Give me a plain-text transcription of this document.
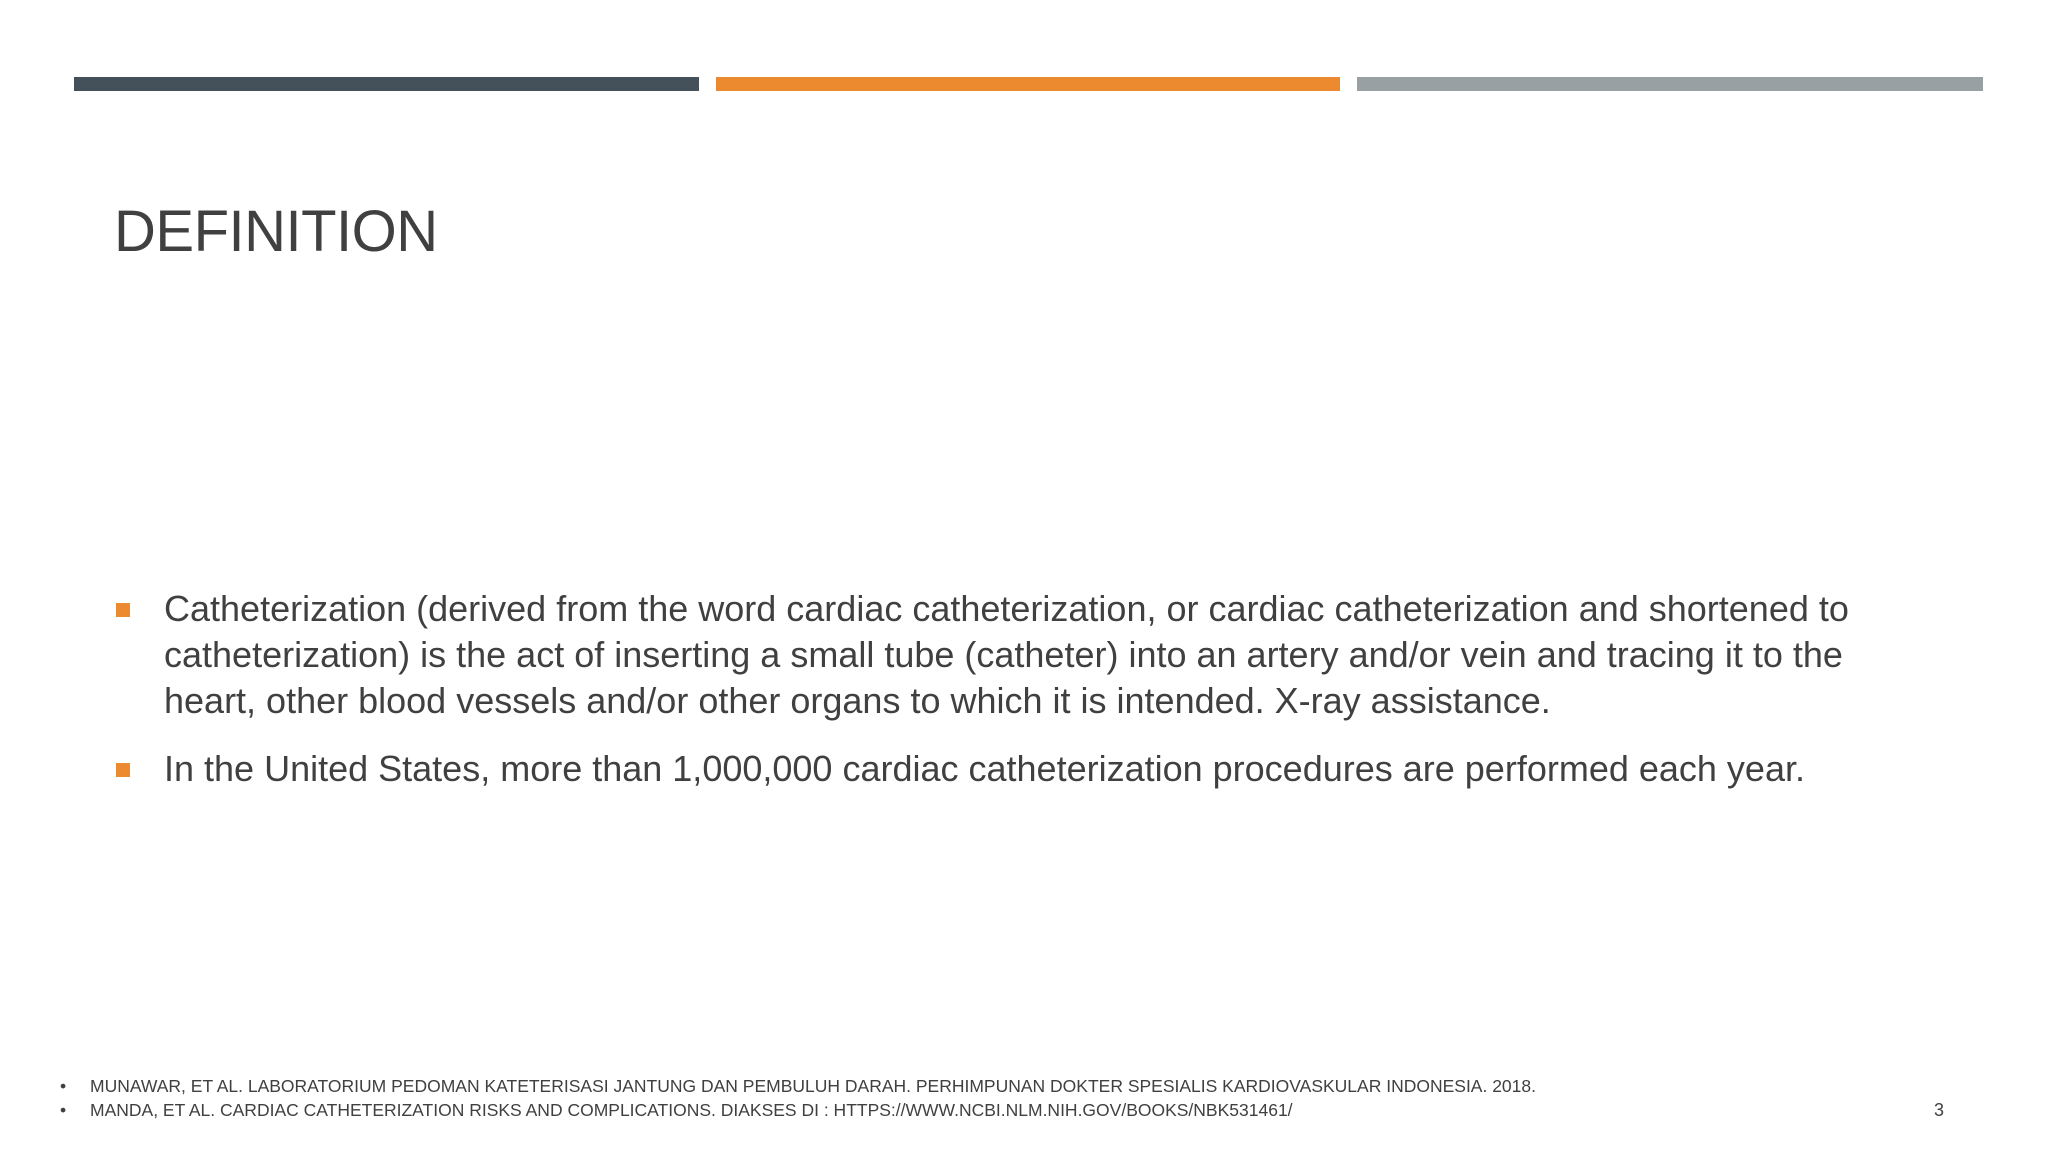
DEFINITION
Catheterization (derived from the word cardiac catheterization, or cardiac catheterization and shortened to catheterization) is the act of inserting a small tube (catheter) into an artery and/or vein and tracing it to the heart, other blood vessels and/or other organs to which it is intended. X-ray assistance.
In the United States, more than 1,000,000 cardiac catheterization procedures are performed each year.
• MUNAWAR, ET AL. LABORATORIUM PEDOMAN KATETERISASI JANTUNG DAN PEMBULUH DARAH. PERHIMPUNAN DOKTER SPESIALIS KARDIOVASKULAR INDONESIA. 2018.
• MANDA, ET AL. CARDIAC CATHETERIZATION RISKS AND COMPLICATIONS. DIAKSES DI : HTTPS://WWW.NCBI.NLM.NIH.GOV/BOOKS/NBK531461/	3
